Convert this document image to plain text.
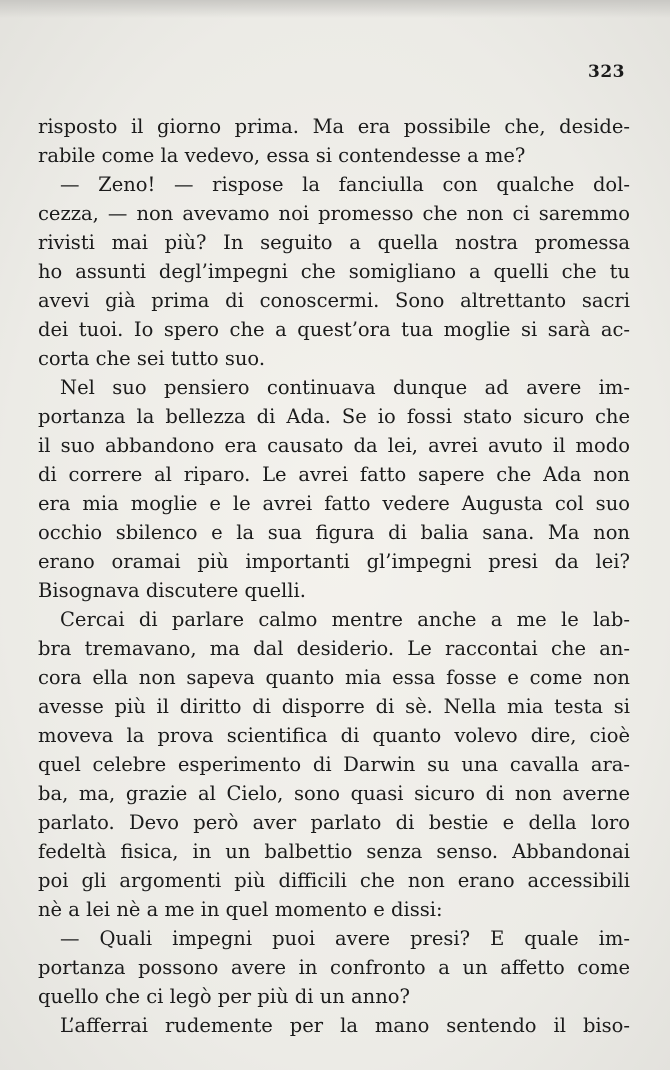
323
risposto il giorno prima. Ma era possibile che, deside-
rabile come la vedevo, essa si contendesse a me?
— Zeno! — rispose la fanciulla con qualche dol-
cezza, — non avevamo noi promesso che non ci saremmo
rivisti mai più? In seguito a quella nostra promessa
ho assunti degl’impegni che somigliano a quelli che tu
avevi già prima di conoscermi. Sono altrettanto sacri
dei tuoi. Io spero che a quest’ora tua moglie si sarà ac-
corta che sei tutto suo.
Nel suo pensiero continuava dunque ad avere im-
portanza la bellezza di Ada. Se io fossi stato sicuro che
il suo abbandono era causato da lei, avrei avuto il modo
di correre al riparo. Le avrei fatto sapere che Ada non
era mia moglie e le avrei fatto vedere Augusta col suo
occhio sbilenco e la sua figura di balia sana. Ma non
erano oramai più importanti gl’impegni presi da lei?
Bisognava discutere quelli.
Cercai di parlare calmo mentre anche a me le lab-
bra tremavano, ma dal desiderio. Le raccontai che an-
cora ella non sapeva quanto mia essa fosse e come non
avesse più il diritto di disporre di sè. Nella mia testa si
moveva la prova scientifica di quanto volevo dire, cioè
quel celebre esperimento di Darwin su una cavalla ara-
ba, ma, grazie al Cielo, sono quasi sicuro di non averne
parlato. Devo però aver parlato di bestie e della loro
fedeltà fisica, in un balbettio senza senso. Abbandonai
poi gli argomenti più difficili che non erano accessibili
nè a lei nè a me in quel momento e dissi:
— Quali impegni puoi avere presi? E quale im-
portanza possono avere in confronto a un affetto come
quello che ci legò per più di un anno?
L’afferrai rudemente per la mano sentendo il biso-
